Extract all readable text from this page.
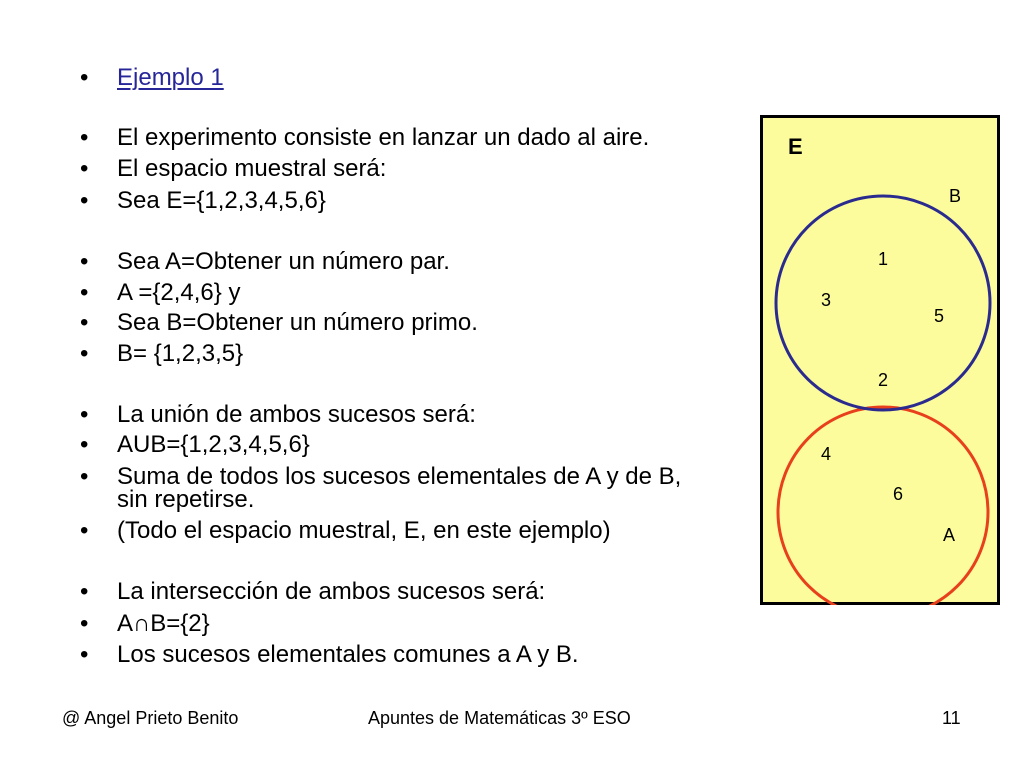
•	Ejemplo 1
•	El experimento consiste en lanzar un dado al aire.
•	El espacio muestral será:
•	Sea E={1,2,3,4,5,6}
•	Sea A=Obtener un número par.
•	A ={2,4,6} y
•	Sea B=Obtener un número primo.
•	B= {1,2,3,5}
•	La unión de ambos sucesos será:
•	AUB={1,2,3,4,5,6}
•	Suma de todos los sucesos elementales de A y de B, sin repetirse.
•	(Todo el espacio muestral, E, en este ejemplo)
•	La intersección de ambos sucesos será:
•	A∩B={2}
•	Los sucesos elementales comunes a A y B.
E
B
A
1
3
5
2
4
6
@ Angel Prieto Benito	Apuntes de Matemáticas 3º ESO	11
